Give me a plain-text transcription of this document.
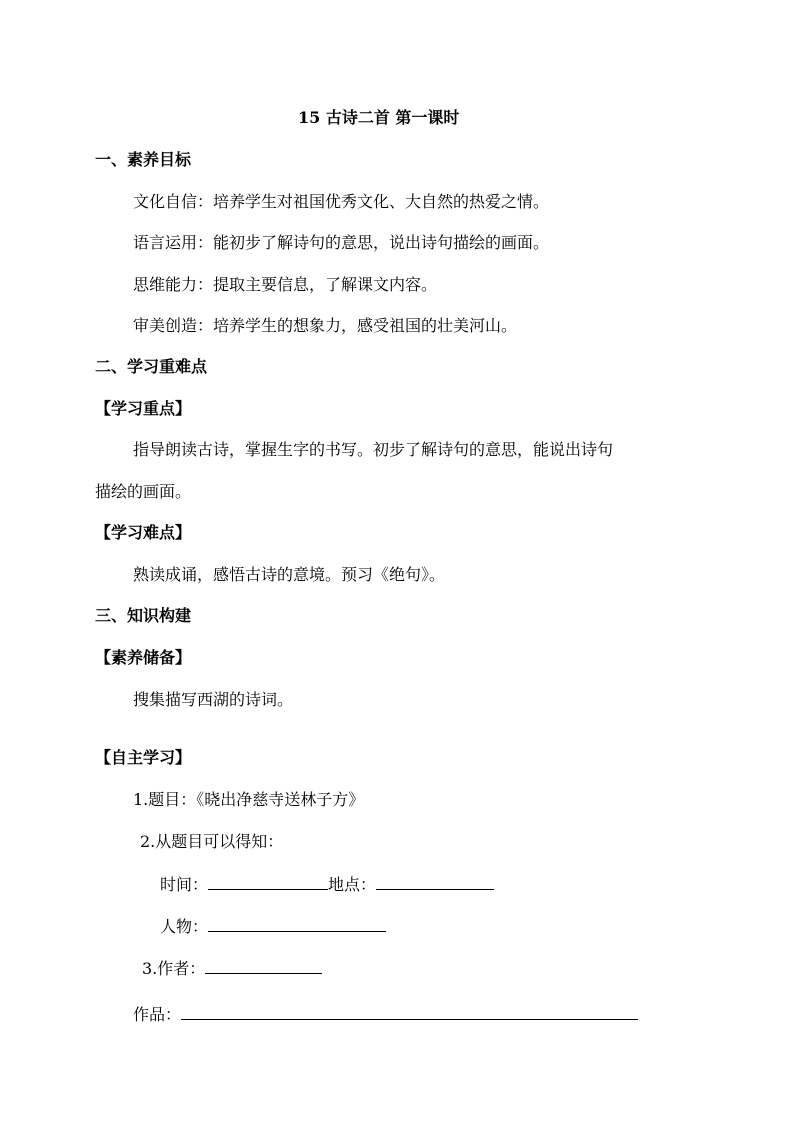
15 古诗二首 第一课时
一、素养目标
文化自信：培养学生对祖国优秀文化、大自然的热爱之情。
语言运用：能初步了解诗句的意思，说出诗句描绘的画面。
思维能力：提取主要信息，了解课文内容。
审美创造：培养学生的想象力，感受祖国的壮美河山。
二、学习重难点
【学习重点】
指导朗读古诗，掌握生字的书写。初步了解诗句的意思，能说出诗句
描绘的画面。
【学习难点】
熟读成诵，感悟古诗的意境。预习《绝句》。
三、知识构建
【素养储备】
搜集描写西湖的诗词。
【自主学习】
1.题目：《晓出净慈寺送林子方》
2.从题目可以得知：
时间：	地点：
人物：
3.作者：
作品：
